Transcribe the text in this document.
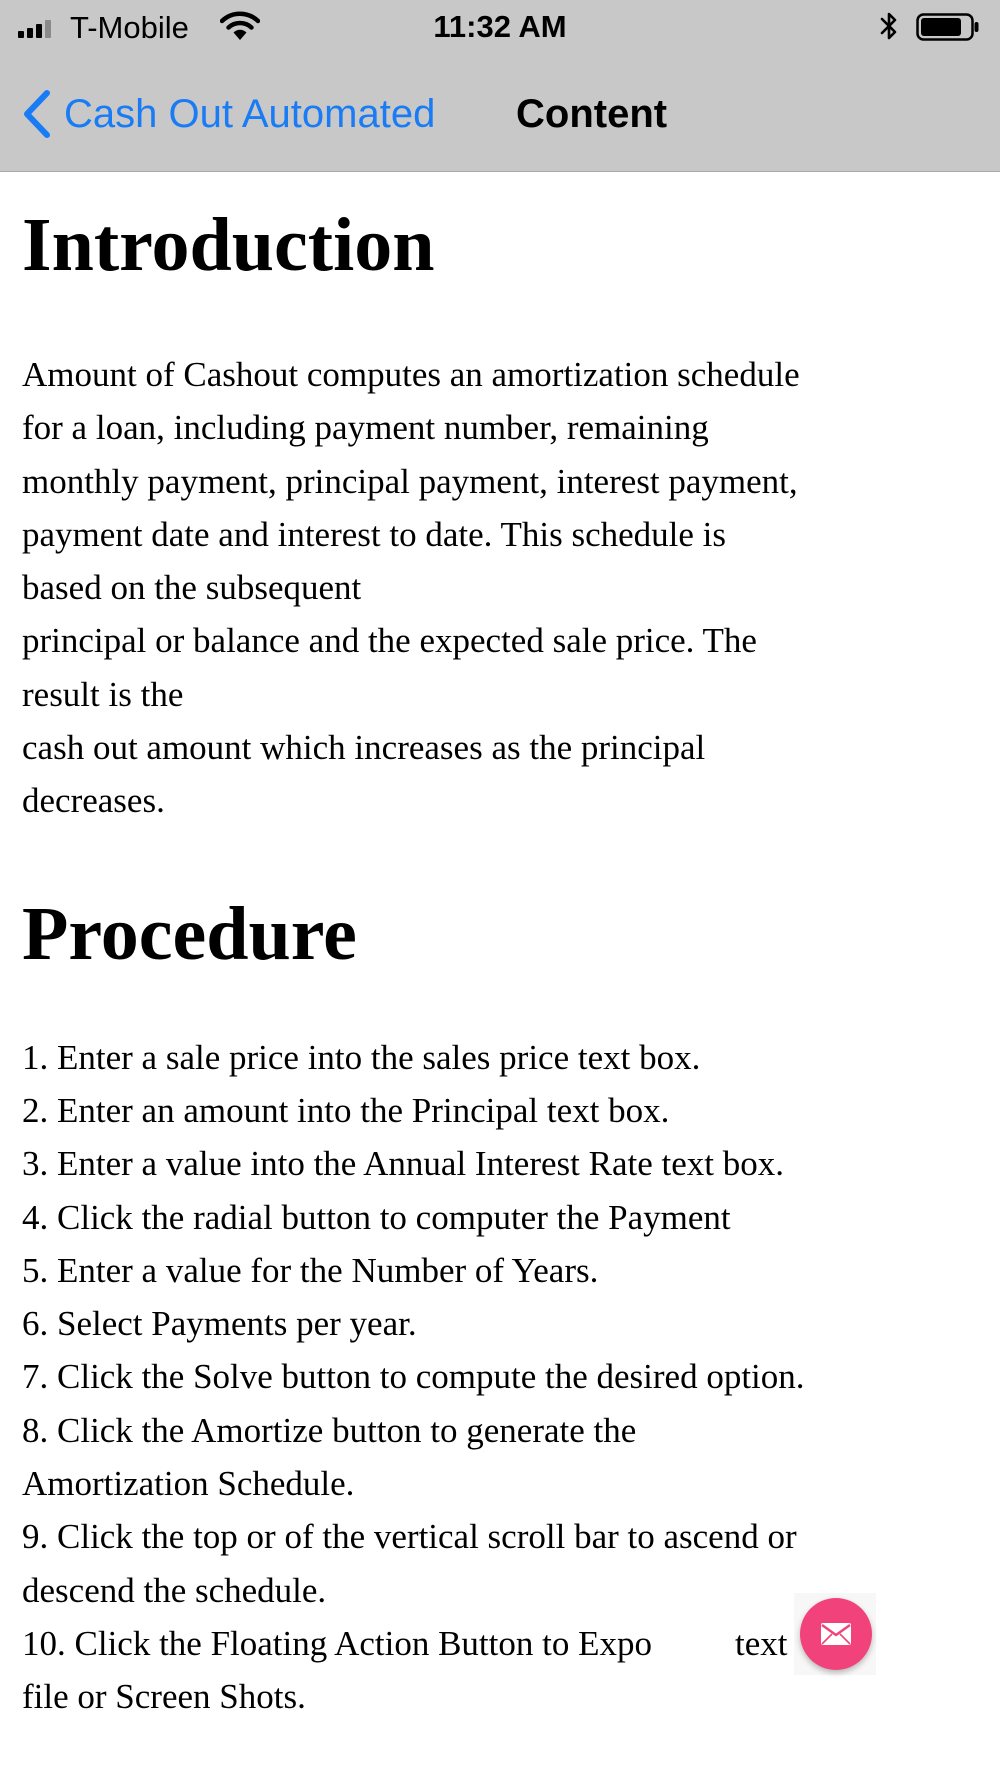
T-Mobile	11:32 AM
Cash Out Automated Content
Introduction
Amount of Cashout computes an amortization schedule
for a loan, including payment number, remaining
monthly payment, principal payment, interest payment,
payment date and interest to date. This schedule is
based on the subsequent
principal or balance and the expected sale price. The
result is the
cash out amount which increases as the principal
decreases.
Procedure
1. Enter a sale price into the sales price text box.
2. Enter an amount into the Principal text box.
3. Enter a value into the Annual Interest Rate text box.
4. Click the radial button to computer the Payment
5. Enter a value for the Number of Years.
6. Select Payments per year.
7. Click the Solve button to compute the desired option.
8. Click the Amortize button to generate the
Amortization Schedule.
9. Click the top or of the vertical scroll bar to ascend or
descend the schedule.
10. Click the Floating Action Button to Expo text
file or Screen Shots.
